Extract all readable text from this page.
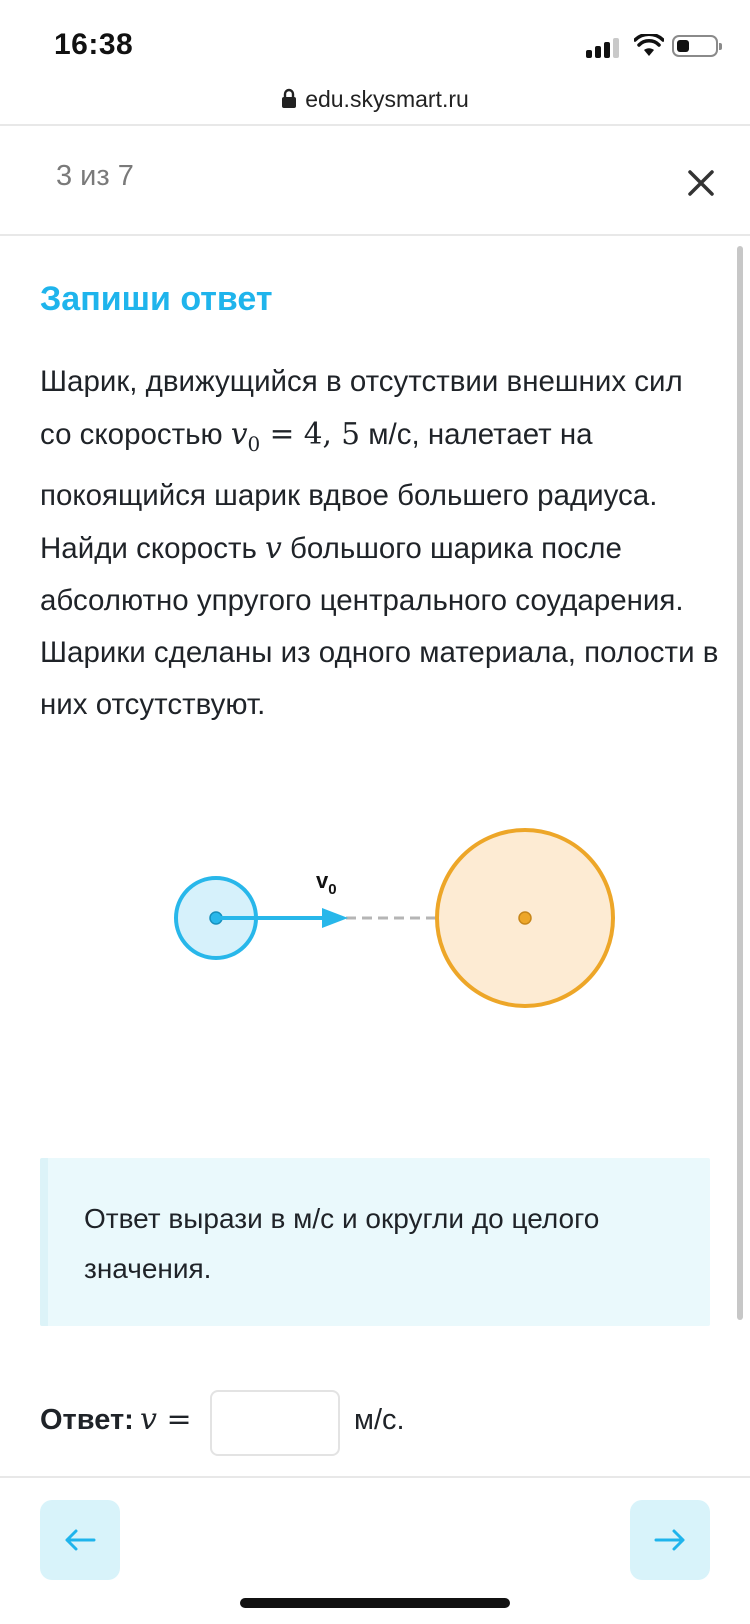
16:38
edu.skysmart.ru
3 из 7
Запиши ответ
Шарик, движущийся в отсутствии внешних сил со скоростью $v_0 = 4$, 5 м/с, налетает на покоящийся шарик вдвое большего радиуса. Найди скорость v большого шарика после абсолютно упругого центрального соударения. Шарики сделаны из одного материала, полости в них отсутствуют.
$v_0$
Ответ вырази в м/с и округли до целого значения.
Ответ: v =	м/с.
